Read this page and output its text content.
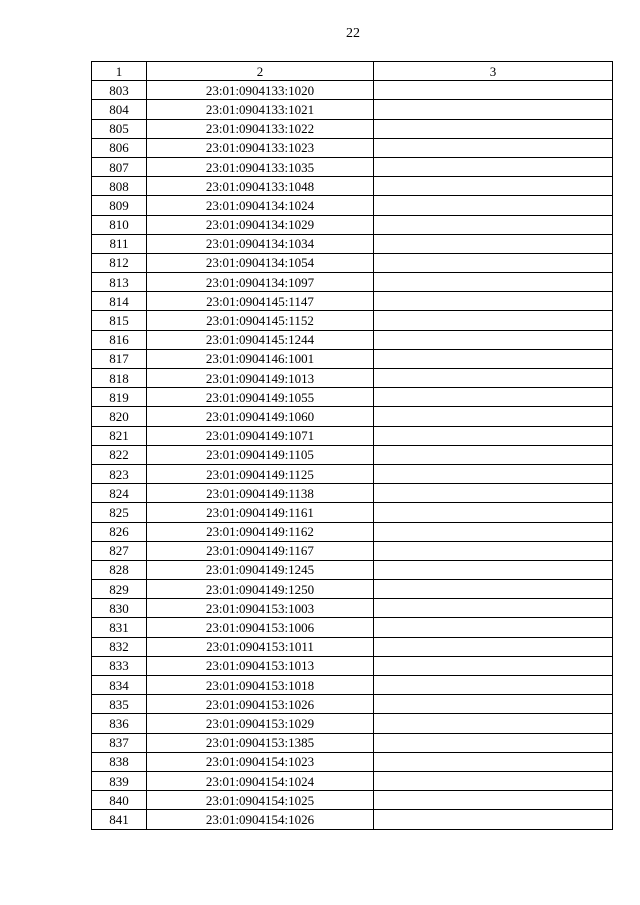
22
1	2	3
803	23:01:0904133:1020	
804	23:01:0904133:1021	
805	23:01:0904133:1022	
806	23:01:0904133:1023	
807	23:01:0904133:1035	
808	23:01:0904133:1048	
809	23:01:0904134:1024	
810	23:01:0904134:1029	
811	23:01:0904134:1034	
812	23:01:0904134:1054	
813	23:01:0904134:1097	
814	23:01:0904145:1147	
815	23:01:0904145:1152	
816	23:01:0904145:1244	
817	23:01:0904146:1001	
818	23:01:0904149:1013	
819	23:01:0904149:1055	
820	23:01:0904149:1060	
821	23:01:0904149:1071	
822	23:01:0904149:1105	
823	23:01:0904149:1125	
824	23:01:0904149:1138	
825	23:01:0904149:1161	
826	23:01:0904149:1162	
827	23:01:0904149:1167	
828	23:01:0904149:1245	
829	23:01:0904149:1250	
830	23:01:0904153:1003	
831	23:01:0904153:1006	
832	23:01:0904153:1011	
833	23:01:0904153:1013	
834	23:01:0904153:1018	
835	23:01:0904153:1026	
836	23:01:0904153:1029	
837	23:01:0904153:1385	
838	23:01:0904154:1023	
839	23:01:0904154:1024	
840	23:01:0904154:1025	
841	23:01:0904154:1026	
